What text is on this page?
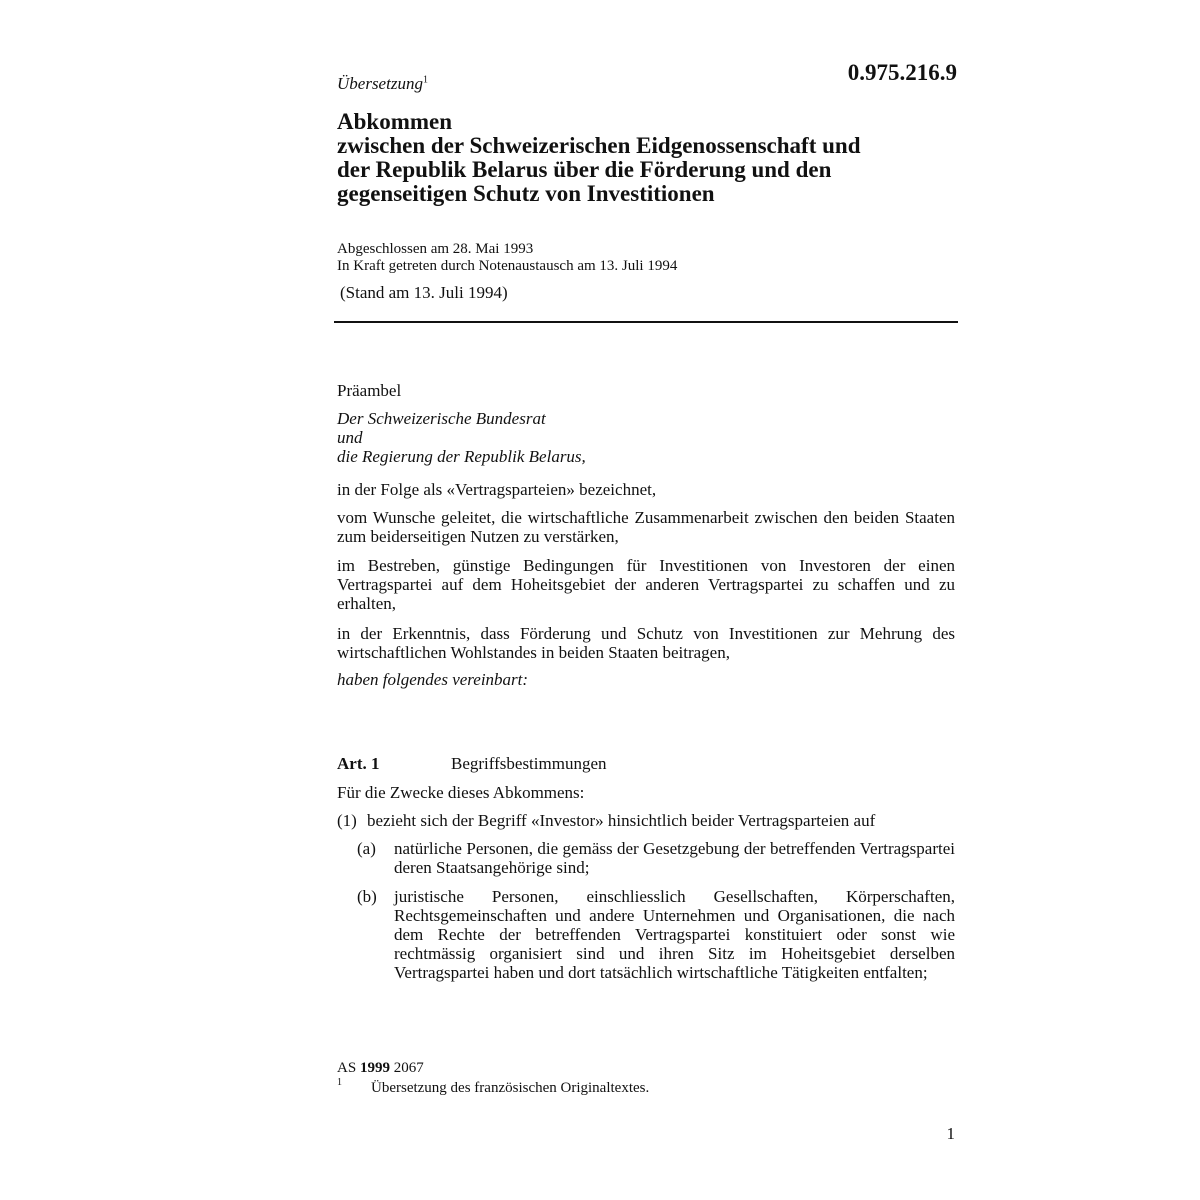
Übersetzung$^1$	0.975.216.9
Abkommen
zwischen der Schweizerischen Eidgenossenschaft und
der Republik Belarus über die Förderung und den
gegenseitigen Schutz von Investitionen
Abgeschlossen am 28. Mai 1993
In Kraft getreten durch Notenaustausch am 13. Juli 1994
(Stand am 13. Juli 1994)
Präambel
Der Schweizerische Bundesrat
und
die Regierung der Republik Belarus,
in der Folge als «Vertragsparteien» bezeichnet,
vom Wunsche geleitet, die wirtschaftliche Zusammenarbeit zwischen den beiden Staaten zum beiderseitigen Nutzen zu verstärken,
im Bestreben, günstige Bedingungen für Investitionen von Investoren der einen Vertragspartei auf dem Hoheitsgebiet der anderen Vertragspartei zu schaffen und zu erhalten,
in der Erkenntnis, dass Förderung und Schutz von Investitionen zur Mehrung des wirtschaftlichen Wohlstandes in beiden Staaten beitragen,
haben folgendes vereinbart:
Art. 1	Begriffsbestimmungen
Für die Zwecke dieses Abkommens:
(1) bezieht sich der Begriff «Investor» hinsichtlich beider Vertragsparteien auf
(a) natürliche Personen, die gemäss der Gesetzgebung der betreffenden Vertragspartei deren Staatsangehörige sind;
(b) juristische Personen, einschliesslich Gesellschaften, Körperschaften, Rechtsgemeinschaften und andere Unternehmen und Organisationen, die nach dem Rechte der betreffenden Vertragspartei konstituiert oder sonst wie rechtmässig organisiert sind und ihren Sitz im Hoheitsgebiet derselben Vertragspartei haben und dort tatsächlich wirtschaftliche Tätigkeiten entfalten;
AS 1999 2067
1 Übersetzung des französischen Originaltextes.
1
